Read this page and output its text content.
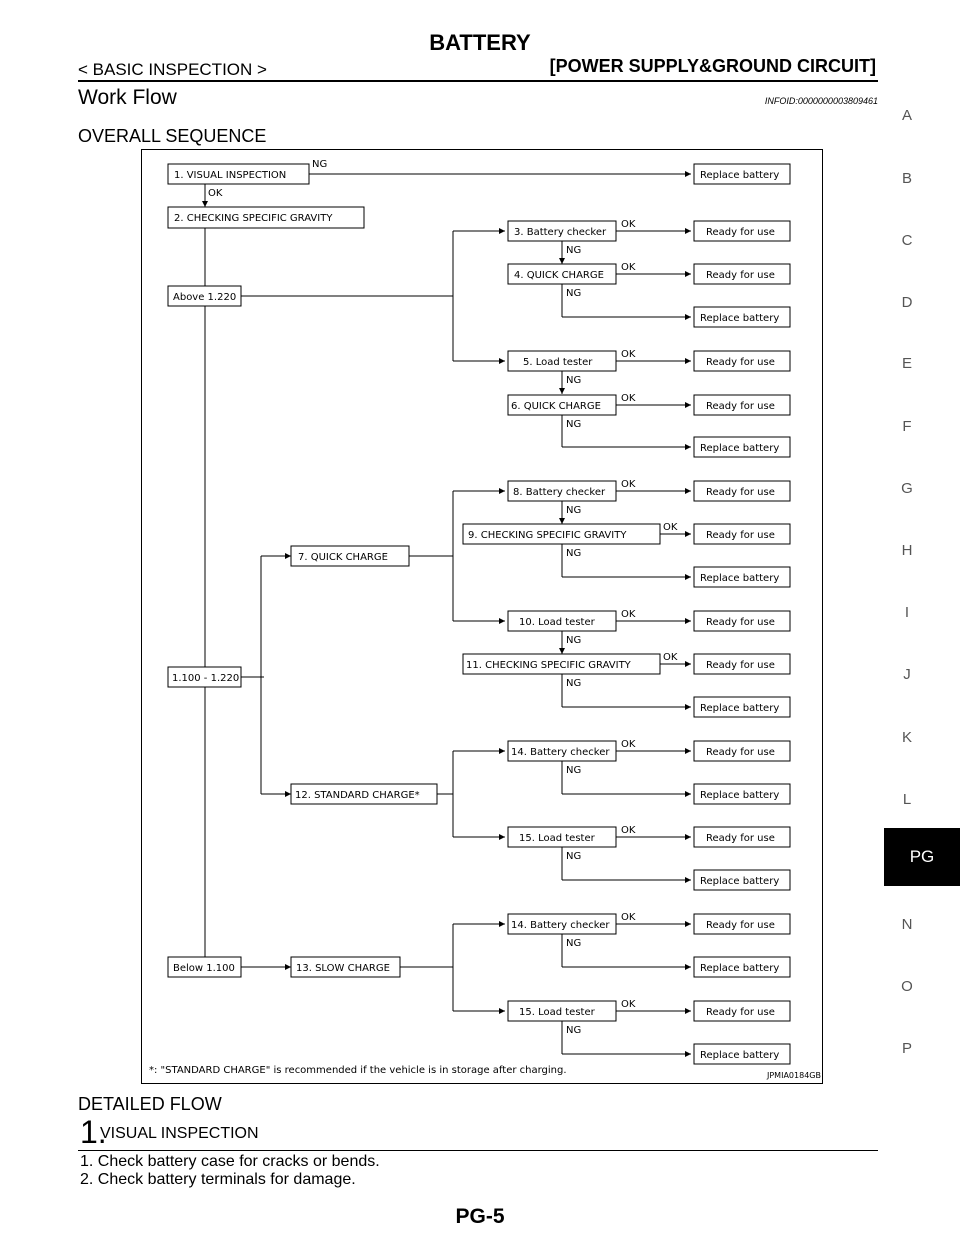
BATTERY
< BASIC INSPECTION >	[POWER SUPPLY&GROUND CIRCUIT]
Work Flow	INFOID:0000000003809461
OVERALL SEQUENCE
1. VISUAL INSPECTION
2. CHECKING SPECIFIC GRAVITY
Above 1.220
1.100 - 1.220
Below 1.100
7. QUICK CHARGE
12. STANDARD CHARGE*
13. SLOW CHARGE
3. Battery checker
4. QUICK CHARGE
5. Load tester
6. QUICK CHARGE
8. Battery checker
9. CHECKING SPECIFIC GRAVITY
10. Load tester
11. CHECKING SPECIFIC GRAVITY
14. Battery checker
15. Load tester
14. Battery checker
15. Load tester
Replace battery
Ready for use
Ready for use
Replace battery
Ready for use
Ready for use
Replace battery
Ready for use
Ready for use
Replace battery
Ready for use
Ready for use
Replace battery
Ready for use
Replace battery
Ready for use
Replace battery
Ready for use
Replace battery
Ready for use
Replace battery
NG
OK
OK
NG
OK
NG
OK
NG
OK
NG
OK
NG
OK
NG
OK
NG
OK
NG
OK
NG
OK
NG
OK
NG
OK
NG
*: "STANDARD CHARGE" is recommended if the vehicle is in storage after charging.	JPMIA0184GB
DETAILED FLOW
1.
VISUAL INSPECTION
1. Check battery case for cracks or bends.
2. Check battery terminals for damage.
PG-5
A
B
C
D
E
F
G
H
I
J
K
L
PG
N
O
P
